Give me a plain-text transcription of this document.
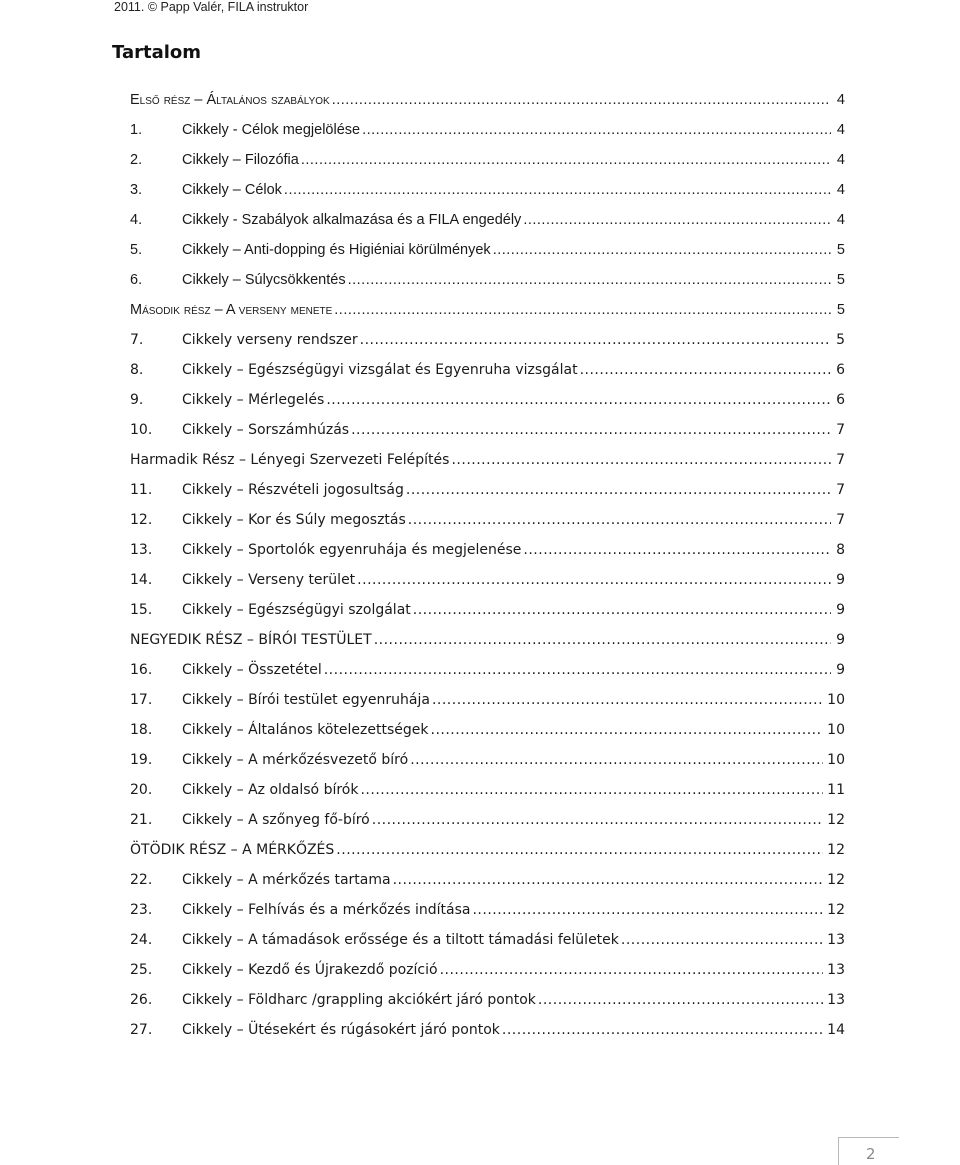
2011. © Papp Valér, FILA instruktor
Tartalom
Első rész – Általános szabályok .....	4
1.	Cikkely - Célok megjelölése .....	4
2.	Cikkely – Filozófia .....	4
3.	Cikkely – Célok .....	4
4.	Cikkely - Szabályok alkalmazása és a FILA engedély .....	4
5.	Cikkely – Anti-dopping és Higiéniai körülmények .....	5
6.	Cikkely – Súlycsökkentés .....	5
Második rész – A verseny menete .....	5
7.	Cikkely verseny rendszer .....	5
8.	Cikkely – Egészségügyi vizsgálat és Egyenruha vizsgálat .....	6
9.	Cikkely – Mérlegelés .....	6
10.	Cikkely – Sorszámhúzás .....	7
Harmadik Rész – Lényegi Szervezeti Felépítés .....	7
11.	Cikkely – Részvételi jogosultság .....	7
12.	Cikkely – Kor és Súly megosztás .....	7
13.	Cikkely – Sportolók egyenruhája és megjelenése .....	8
14.	Cikkely – Verseny terület .....	9
15.	Cikkely – Egészségügyi szolgálat .....	9
NEGYEDIK RÉSZ – BÍRÓI TESTÜLET .....	9
16.	Cikkely – Összetétel .....	9
17.	Cikkely – Bírói testület egyenruhája .....	10
18.	Cikkely – Általános kötelezettségek .....	10
19.	Cikkely – A mérkőzésvezető bíró .....	10
20.	Cikkely – Az oldalsó bírók .....	11
21.	Cikkely – A szőnyeg fő-bíró .....	12
ÖTÖDIK RÉSZ – A MÉRKŐZÉS .....	12
22.	Cikkely – A mérkőzés tartama .....	12
23.	Cikkely – Felhívás és a mérkőzés indítása .....	12
24.	Cikkely – A támadások erőssége és a tiltott támadási felületek .....	13
25.	Cikkely – Kezdő és Újrakezdő pozíció .....	13
26.	Cikkely – Földharc /grappling akciókért járó pontok .....	13
27.	Cikkely – Ütésekért és rúgásokért járó pontok .....	14
2
